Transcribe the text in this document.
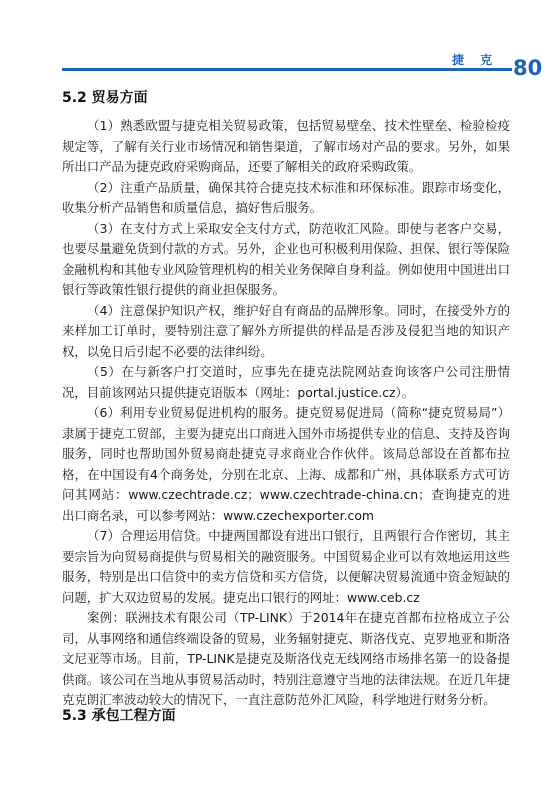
捷 克 80
5.2 贸易方面

（1）熟悉欧盟与捷克相关贸易政策，包括贸易壁垒、技术性壁垒、检验检疫规定等，了解有关行业市场情况和销售渠道，了解市场对产品的要求。另外，如果所出口产品为捷克政府采购商品，还要了解相关的政府采购政策。

（2）注重产品质量，确保其符合捷克技术标准和环保标准。跟踪市场变化，收集分析产品销售和质量信息，搞好售后服务。

（3）在支付方式上采取安全支付方式，防范收汇风险。即使与老客户交易，也要尽量避免货到付款的方式。另外，企业也可积极利用保险、担保、银行等保险金融机构和其他专业风险管理机构的相关业务保障自身利益。例如使用中国进出口银行等政策性银行提供的商业担保服务。

（4）注意保护知识产权，维护好自有商品的品牌形象。同时，在接受外方的来样加工订单时，要特别注意了解外方所提供的样品是否涉及侵犯当地的知识产权，以免日后引起不必要的法律纠纷。

（5）在与新客户打交道时，应事先在捷克法院网站查询该客户公司注册情况，目前该网站只提供捷克语版本（网址：portal.justice.cz）。

（6）利用专业贸易促进机构的服务。捷克贸易促进局（简称“捷克贸易局”）隶属于捷克工贸部，主要为捷克出口商进入国外市场提供专业的信息、支持及咨询服务，同时也帮助国外贸易商赴捷克寻求商业合作伙伴。该局总部设在首都布拉格，在中国设有4个商务处，分别在北京、上海、成都和广州，具体联系方式可访问其网站：www.czechtrade.cz；www.czechtrade-china.cn；查询捷克的进出口商名录，可以参考网站：www.czechexporter.com

（7）合理运用信贷。中捷两国都设有进出口银行，且两银行合作密切，其主要宗旨为向贸易商提供与贸易相关的融资服务。中国贸易企业可以有效地运用这些服务，特别是出口信贷中的卖方信贷和买方信贷，以便解决贸易流通中资金短缺的问题，扩大双边贸易的发展。捷克出口银行的网址：www.ceb.cz

案例：联洲技术有限公司（TP-LINK）于2014年在捷克首都布拉格成立子公司，从事网络和通信终端设备的贸易，业务辐射捷克、斯洛伐克、克罗地亚和斯洛文尼亚等市场。目前，TP-LINK是捷克及斯洛伐克无线网络市场排名第一的设备提供商。该公司在当地从事贸易活动时，特别注意遵守当地的法律法规。在近几年捷克克朗汇率波动较大的情况下，一直注意防范外汇风险，科学地进行财务分析。

5.3 承包工程方面
